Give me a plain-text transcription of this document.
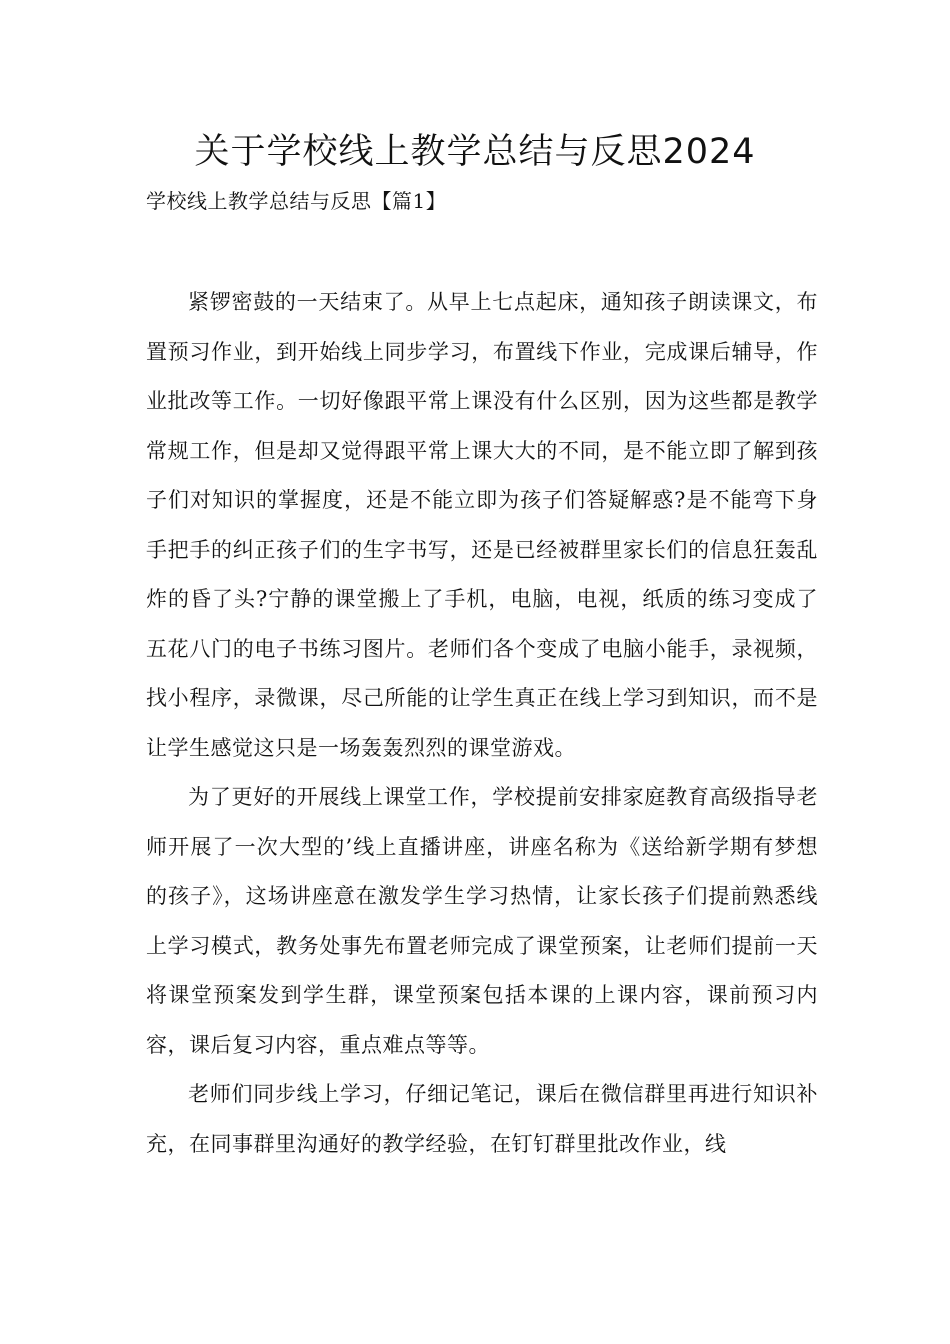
关于学校线上教学总结与反思2024

学校线上教学总结与反思【篇1】

紧锣密鼓的一天结束了。从早上七点起床，通知孩子朗读课文，布置预习作业，到开始线上同步学习，布置线下作业，完成课后辅导，作业批改等工作。一切好像跟平常上课没有什么区别，因为这些都是教学常规工作，但是却又觉得跟平常上课大大的不同，是不能立即了解到孩子们对知识的掌握度，还是不能立即为孩子们答疑解惑?是不能弯下身手把手的纠正孩子们的生字书写，还是已经被群里家长们的信息狂轰乱炸的昏了头?宁静的课堂搬上了手机，电脑，电视，纸质的练习变成了五花八门的电子书练习图片。老师们各个变成了电脑小能手，录视频，找小程序，录微课，尽己所能的让学生真正在线上学习到知识，而不是让学生感觉这只是一场轰轰烈烈的课堂游戏。

为了更好的开展线上课堂工作，学校提前安排家庭教育高级指导老师开展了一次大型的’线上直播讲座，讲座名称为《送给新学期有梦想的孩子》，这场讲座意在激发学生学习热情，让家长孩子们提前熟悉线上学习模式，教务处事先布置老师完成了课堂预案，让老师们提前一天将课堂预案发到学生群，课堂预案包括本课的上课内容，课前预习内容，课后复习内容，重点难点等等。

老师们同步线上学习，仔细记笔记，课后在微信群里再进行知识补充，在同事群里沟通好的教学经验，在钉钉群里批改作业，线
